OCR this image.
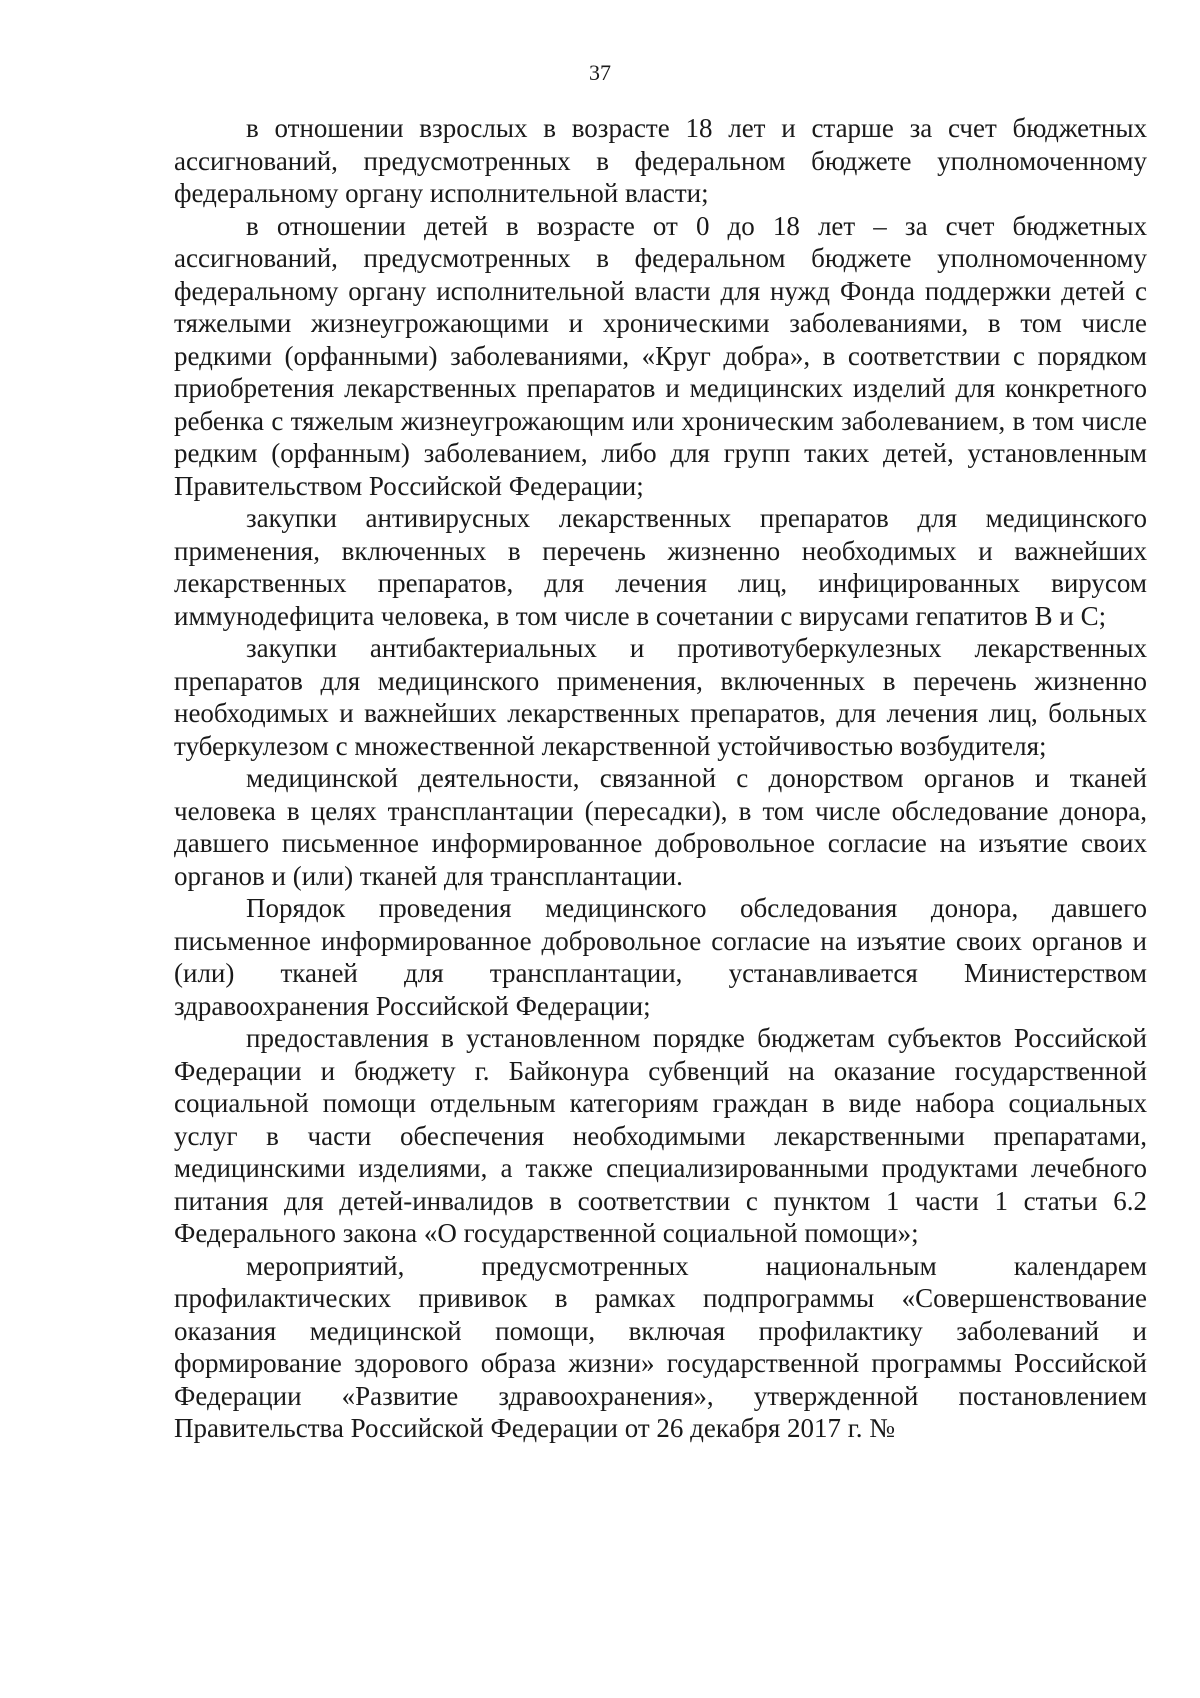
37

в отношении взрослых в возрасте 18 лет и старше за счет бюджетных ассигнований, предусмотренных в федеральном бюджете уполномоченному федеральному органу исполнительной власти;

в отношении детей в возрасте от 0 до 18 лет – за счет бюджетных ассигнований, предусмотренных в федеральном бюджете уполномоченному федеральному органу исполнительной власти для нужд Фонда поддержки детей с тяжелыми жизнеугрожающими и хроническими заболеваниями, в том числе редкими (орфанными) заболеваниями, «Круг добра», в соответствии с порядком приобретения лекарственных препаратов и медицинских изделий для конкретного ребенка с тяжелым жизнеугрожающим или хроническим заболеванием, в том числе редким (орфанным) заболеванием, либо для групп таких детей, установленным Правительством Российской Федерации;

закупки антивирусных лекарственных препаратов для медицинского применения, включенных в перечень жизненно необходимых и важнейших лекарственных препаратов, для лечения лиц, инфицированных вирусом иммунодефицита человека, в том числе в сочетании с вирусами гепатитов B и C;

закупки антибактериальных и противотуберкулезных лекарственных препаратов для медицинского применения, включенных в перечень жизненно необходимых и важнейших лекарственных препаратов, для лечения лиц, больных туберкулезом с множественной лекарственной устойчивостью возбудителя;

медицинской деятельности, связанной с донорством органов и тканей человека в целях трансплантации (пересадки), в том числе обследование донора, давшего письменное информированное добровольное согласие на изъятие своих органов и (или) тканей для трансплантации.

Порядок проведения медицинского обследования донора, давшего письменное информированное добровольное согласие на изъятие своих органов и (или) тканей для трансплантации, устанавливается Министерством здравоохранения Российской Федерации;

предоставления в установленном порядке бюджетам субъектов Российской Федерации и бюджету г. Байконура субвенций на оказание государственной социальной помощи отдельным категориям граждан в виде набора социальных услуг в части обеспечения необходимыми лекарственными препаратами, медицинскими изделиями, а также специализированными продуктами лечебного питания для детей-инвалидов в соответствии с пунктом 1 части 1 статьи 6.2 Федерального закона «О государственной социальной помощи»;

мероприятий, предусмотренных национальным календарем профилактических прививок в рамках подпрограммы «Совершенствование оказания медицинской помощи, включая профилактику заболеваний и формирование здорового образа жизни» государственной программы Российской Федерации «Развитие здравоохранения», утвержденной постановлением Правительства Российской Федерации от 26 декабря 2017 г. №
